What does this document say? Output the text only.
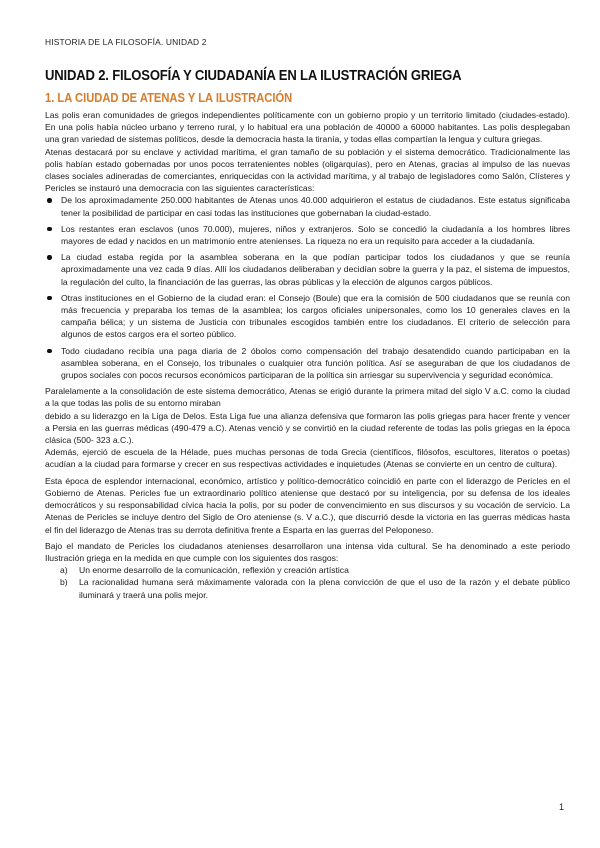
HISTORIA DE LA FILOSOFÍA. UNIDAD 2
UNIDAD 2. FILOSOFÍA Y CIUDADANÍA EN LA ILUSTRACIÓN GRIEGA
1. LA CIUDAD DE ATENAS Y LA ILUSTRACIÓN

Las polis eran comunidades de griegos independientes políticamente con un gobierno propio y un territorio limitado (ciudades-estado). En una polis había núcleo urbano y terreno rural, y lo habitual era una población de 40000 a 60000 habitantes. Las polis desplegaban una gran variedad de sistemas políticos, desde la democracia hasta la tiranía, y todas ellas compartían la lengua y cultura griegas.

Atenas destacará por su enclave y actividad marítima, el gran tamaño de su población y el sistema democrático. Tradicionalmente las polis habían estado gobernadas por unos pocos terratenientes nobles (oligarquías), pero en Atenas, gracias al impulso de las nuevas clases sociales adineradas de comerciantes, enriquecidas con la actividad marítima, y al trabajo de legisladores como Salón, Clísteres y Pericles se instauró una democracia con las siguientes características:

De los aproximadamente 250.000 habitantes de Atenas unos 40.000 adquirieron el estatus de ciudadanos. Este estatus significaba tener la posibilidad de participar en casi todas las instituciones que gobernaban la ciudad-estado.
Los restantes eran esclavos (unos 70.000), mujeres, niños y extranjeros. Solo se concedió la ciudadanía a los hombres libres mayores de edad y nacidos en un matrimonio entre atenienses. La riqueza no era un requisito para acceder a la ciudadanía.
La ciudad estaba regida por la asamblea soberana en la que podían participar todos los ciudadanos y que se reunía aproximadamente una vez cada 9 días. Allí los ciudadanos deliberaban y decidían sobre la guerra y la paz, el sistema de impuestos, la regulación del culto, la financiación de las guerras, las obras públicas y la elección de algunos cargos públicos.
Otras instituciones en el Gobierno de la ciudad eran: el Consejo (Boule) que era la comisión de 500 ciudadanos que se reunía con más frecuencia y preparaba los temas de la asamblea; los cargos oficiales unipersonales, como los 10 generales claves en la campaña bélica; y un sistema de Justicia con tribunales escogidos también entre los ciudadanos. El criterio de selección para algunos de estos cargos era el sorteo público.
Todo ciudadano recibía una paga diaria de 2 óbolos como compensación del trabajo desatendido cuando participaban en la asamblea soberana, en el Consejo, los tribunales o cualquier otra función política. Así se aseguraban de que los ciudadanos de grupos sociales con pocos recursos económicos participaran de la política sin arriesgar su supervivencia y seguridad económica.

Paralelamente a la consolidación de este sistema democrático, Atenas se erigió durante la primera mitad del siglo V a.C. como la ciudad a la que todas las polis de su entorno miraban

debido a su liderazgo en la Liga de Delos. Esta Liga fue una alianza defensiva que formaron las polis griegas para hacer frente y vencer a Persia en las guerras médicas (490-479 a.C). Atenas venció y se convirtió en la ciudad referente de todas las polis griegas en la época clásica (500- 323 a.C.).

Además, ejerció de escuela de la Hélade, pues muchas personas de toda Grecia (científicos, filósofos, escultores, literatos o poetas) acudían a la ciudad para formarse y crecer en sus respectivas actividades e inquietudes (Atenas se convierte en un centro de cultura).

Esta época de esplendor internacional, económico, artístico y político-democrático coincidió en parte con el liderazgo de Pericles en el Gobierno de Atenas. Pericles fue un extraordinario político ateniense que destacó por su inteligencia, por su defensa de los ideales democráticos y su responsabilidad cívica hacia la polis, por su poder de convencimiento en sus discursos y su vocación de servicio. La Atenas de Pericles se incluye dentro del Siglo de Oro ateniense (s. V a.C.), que discurrió desde la victoria en las guerras médicas hasta el fin del liderazgo de Atenas tras su derrota definitiva frente a Esparta en las guerras del Peloponeso.

Bajo el mandato de Pericles los ciudadanos atenienses desarrollaron una intensa vida cultural. Se ha denominado a este periodo Ilustración griega en la medida en que cumple con los siguientes dos rasgos:

a) Un enorme desarrollo de la comunicación, reflexión y creación artística
b) La racionalidad humana será máximamente valorada con la plena convicción de que el uso de la razón y el debate público iluminará y traerá una polis mejor.
1
